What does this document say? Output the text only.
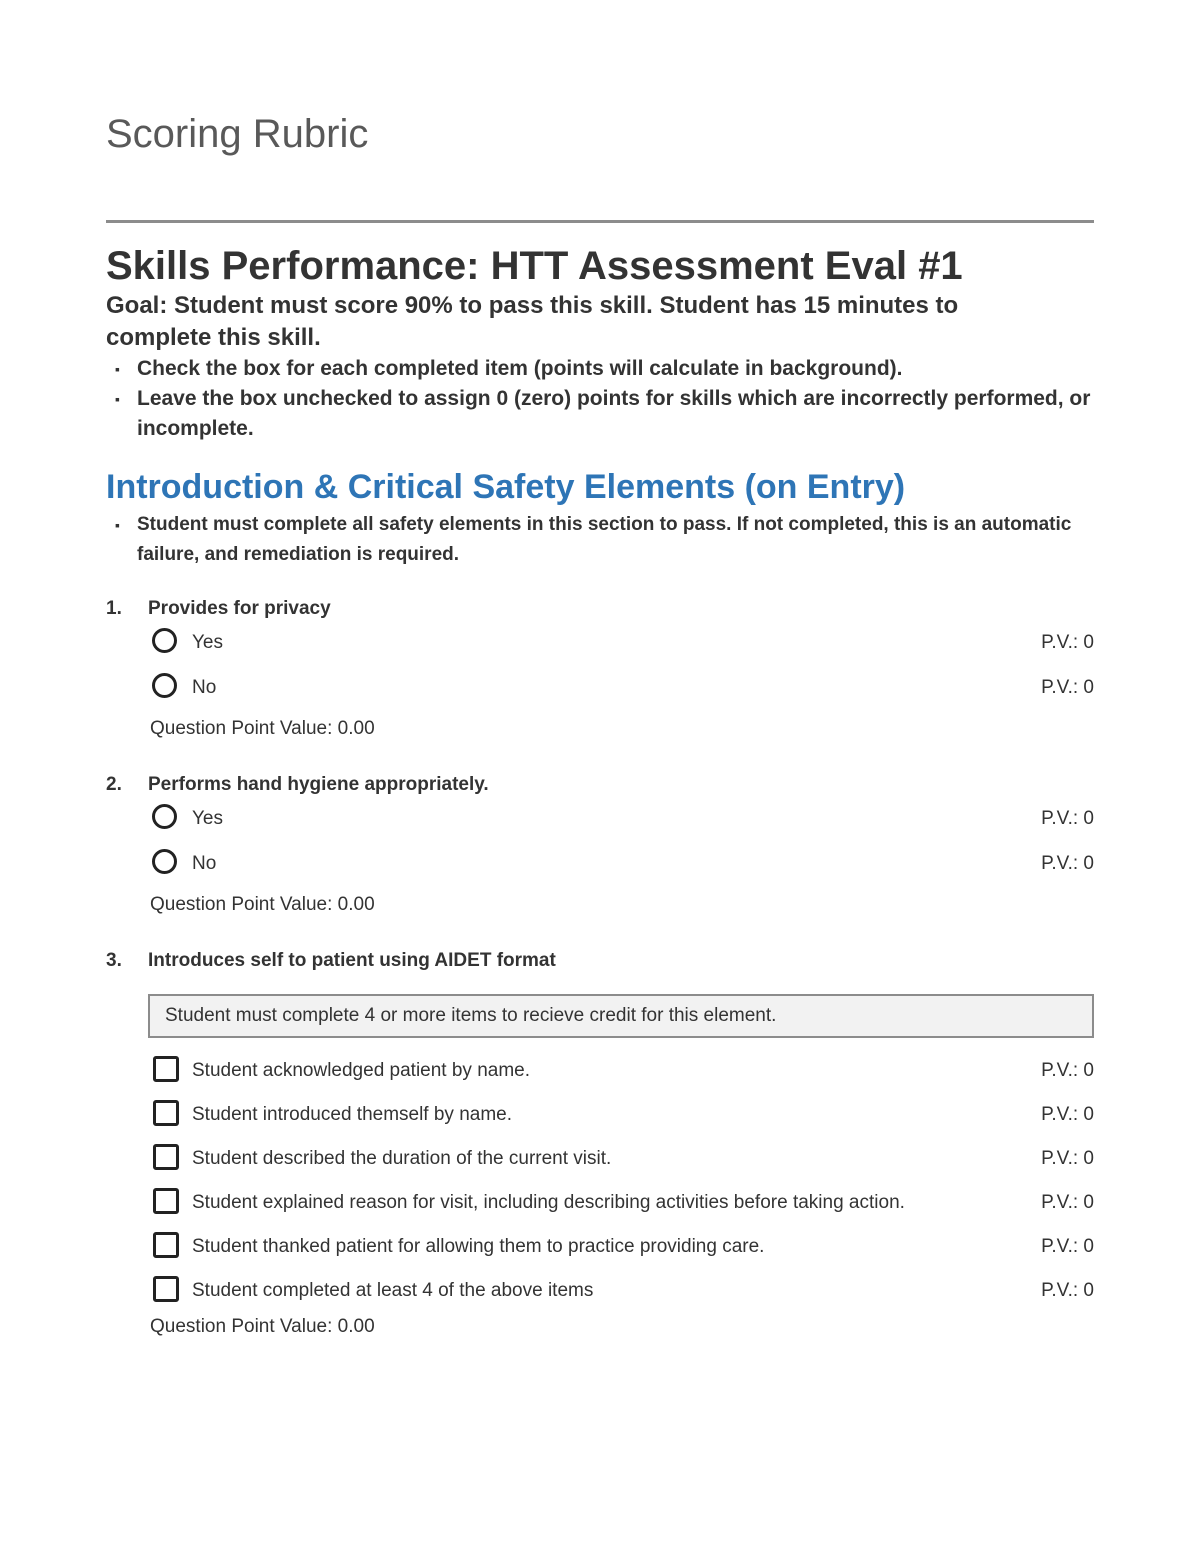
Scoring Rubric
Skills Performance: HTT Assessment Eval #1

Goal: Student must score 90% to pass this skill. Student has 15 minutes to complete this skill.

▪ Check the box for each completed item (points will calculate in background).
▪ Leave the box unchecked to assign 0 (zero) points for skills which are incorrectly performed, or incomplete.
Introduction & Critical Safety Elements (on Entry)
▪ Student must complete all safety elements in this section to pass. If not completed, this is an automatic failure, and remediation is required.
1. Provides for privacy
Yes	P.V.: 0
No	P.V.: 0
Question Point Value: 0.00
2. Performs hand hygiene appropriately.
Yes	P.V.: 0
No	P.V.: 0
Question Point Value: 0.00
3. Introduces self to patient using AIDET format
Student must complete 4 or more items to recieve credit for this element.
Student acknowledged patient by name.	P.V.: 0
Student introduced themself by name.	P.V.: 0
Student described the duration of the current visit.	P.V.: 0
Student explained reason for visit, including describing activities before taking action.	P.V.: 0
Student thanked patient for allowing them to practice providing care.	P.V.: 0
Student completed at least 4 of the above items	P.V.: 0
Question Point Value: 0.00
